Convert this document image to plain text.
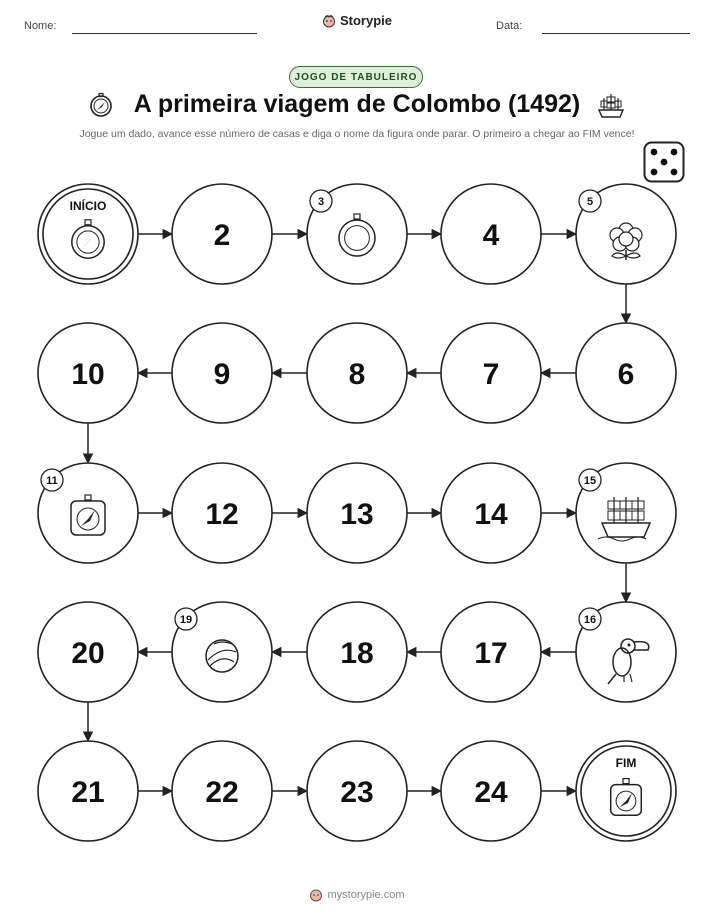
Nome:	Storypie	Data:
JOGO DE TABULEIRO
A primeira viagem de Colombo (1492)
Jogue um dado, avance esse número de casas e diga o nome da figura onde parar. O primeiro a chegar ao FIM vence!
INÍCIO
2
3
4
5
6
7
8
9
10
11
12	13	14
15
16
17
18
19
20
21	22	23	24
FIM
mystorypie.com
